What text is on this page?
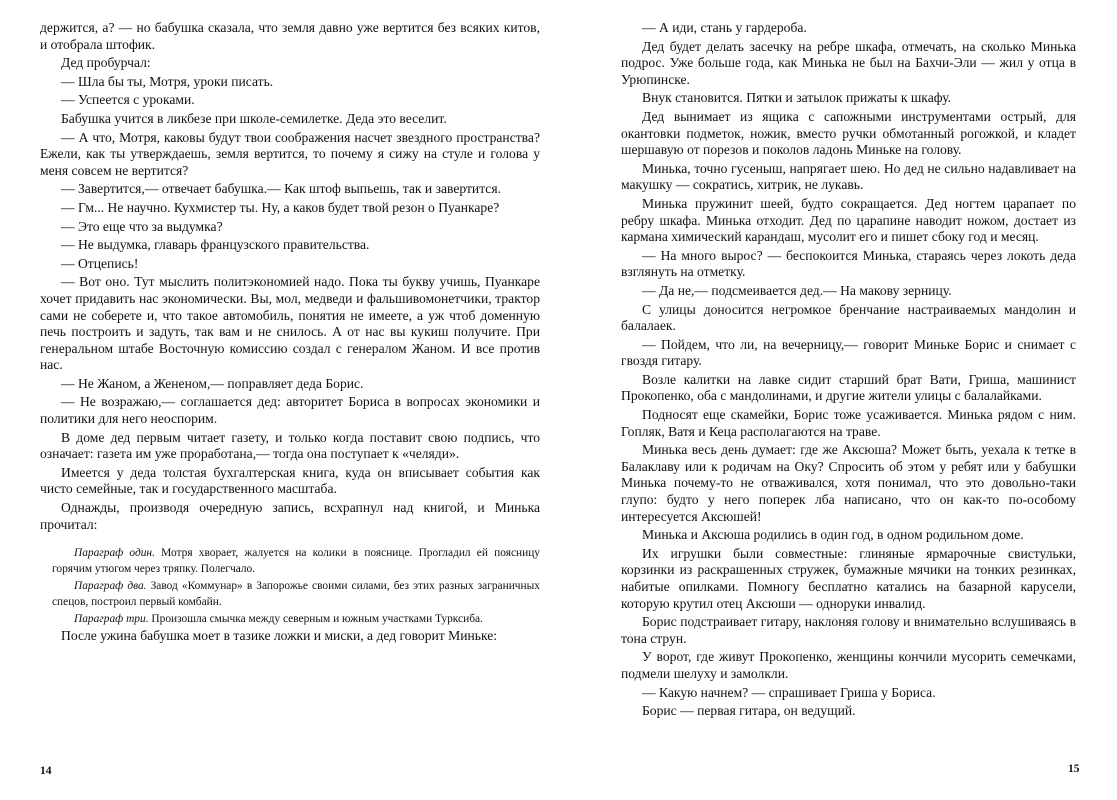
держится, а? — но бабушка сказала, что земля давно уже вертится без всяких китов, и отобрала штофик.

Дед пробурчал:

— Шла бы ты, Мотря, уроки писать.

— Успеется с уроками.

Бабушка учится в ликбезе при школе-семилетке. Деда это веселит.

— А что, Мотря, каковы будут твои соображения насчет звездного пространства? Ежели, как ты утверждаешь, земля вертится, то почему я сижу на стуле и голова у меня совсем не вертится?

— Завертится,— отвечает бабушка.— Как штоф выпьешь, так и завертится.

— Гм... Не научно. Кухмистер ты. Ну, а каков будет твой резон о Пуанкаре?

— Это еще что за выдумка?

— Не выдумка, главарь французского правительства.

— Отцепись!

— Вот оно. Тут мыслить политэкономией надо. Пока ты букву учишь, Пуанкаре хочет придавить нас экономически. Вы, мол, медведи и фальшивомонетчики, трактор сами не соберете и, что такое автомобиль, понятия не имеете, а уж чтоб доменную печь построить и задуть, так вам и не снилось. А от нас вы кукиш получите. При генеральном штабе Восточную комиссию создал с генералом Жаном. И все против нас.

— Не Жаном, а Жененом,— поправляет деда Борис.

— Не возражаю,— соглашается дед: авторитет Бориса в вопросах экономики и политики для него неоспорим.

В доме дед первым читает газету, и только когда поставит свою подпись, что означает: газета им уже проработана,— тогда она поступает к «челяди».

Имеется у деда толстая бухгалтерская книга, куда он вписывает события как чисто семейные, так и государственного масштаба.

Однажды, производя очередную запись, всхрапнул над книгой, и Минька прочитал:

Параграф один. Мотря хвораeт, жалуется на колики в пояснице. Прогладил ей поясницу горячим утюгом через тряпку. Полегчало.

Параграф два. Завод «Коммунар» в Запорожье своими силами, без этих разных заграничных спецов, построил первый комбайн.

Параграф три. Произошла смычка между северным и южным участками Турксиба.

После ужина бабушка моет в тазике ложки и миски, а дед говорит Миньке:

— А иди, стань у гардероба.

Дед будет делать засечку на ребре шкафа, отмечать, на сколько Минька подрос. Уже больше года, как Минька не был на Бахчи-Эли — жил у отца в Урюпинске.

Внук становится. Пятки и затылок прижаты к шкафу.

Дед вынимает из ящика с сапожными инструментами острый, для окантовки подметок, ножик, вместо ручки обмотанный рогожкой, и кладет шершавую от порезов и поколов ладонь Миньке на голову.

Минька, точно гусеныш, напрягает шею. Но дед не сильно надавливает на макушку — сократись, хитрик, не лукавь.

Минька пружинит шеей, будто сокращается. Дед ногтем царапает по ребру шкафа. Минька отходит. Дед по царапине наводит ножом, достает из кармана химический карандаш, мусолит его и пишет сбоку год и месяц.

— На много вырос? — беспокоится Минька, стараясь через локоть деда взглянуть на отметку.

— Да не,— подсмеивается дед.— На макову зерницу.

С улицы доносится негромкое бренчание настраиваемых мандолин и балалаек.

— Пойдем, что ли, на вечерницу,— говорит Миньке Борис и снимает с гвоздя гитару.

Возле калитки на лавке сидит старший брат Вати, Гриша, машинист Прокопенко, оба с мандолинами, и другие жители улицы с балалайками.

Подносят еще скамейки, Борис тоже усаживается. Минька рядом с ним. Гопляк, Ватя и Кеца располагаются на траве.

Минька весь день думает: где же Аксюша? Может быть, уехала к тетке в Балаклаву или к родичам на Оку? Спросить об этом у ребят или у бабушки Минька почему-то не отваживался, хотя понимал, что это довольно-таки глупо: будто у него поперек лба написано, что он как-то по-особому интересуется Аксюшей!

Минька и Аксюша родились в один год, в одном родильном доме.

Их игрушки были совместные: глиняные ярмарочные свистульки, корзинки из раскрашенных стружек, бумажные мячики на тонких резинках, набитые опилками. Помногу бесплатно катались на базарной карусели, которую крутил отец Аксюши — одноруки инвалид.

Борис подстраивает гитару, наклоняя голову и внимательно вслушиваясь в тона струн.

У ворот, где живут Прокопенко, женщины кончили мусорить семечками, подмели шелуху и замолкли.

— Какую начнем? — спрашивает Гриша у Бориса.

Борис — первая гитара, он ведущий.

14	15
